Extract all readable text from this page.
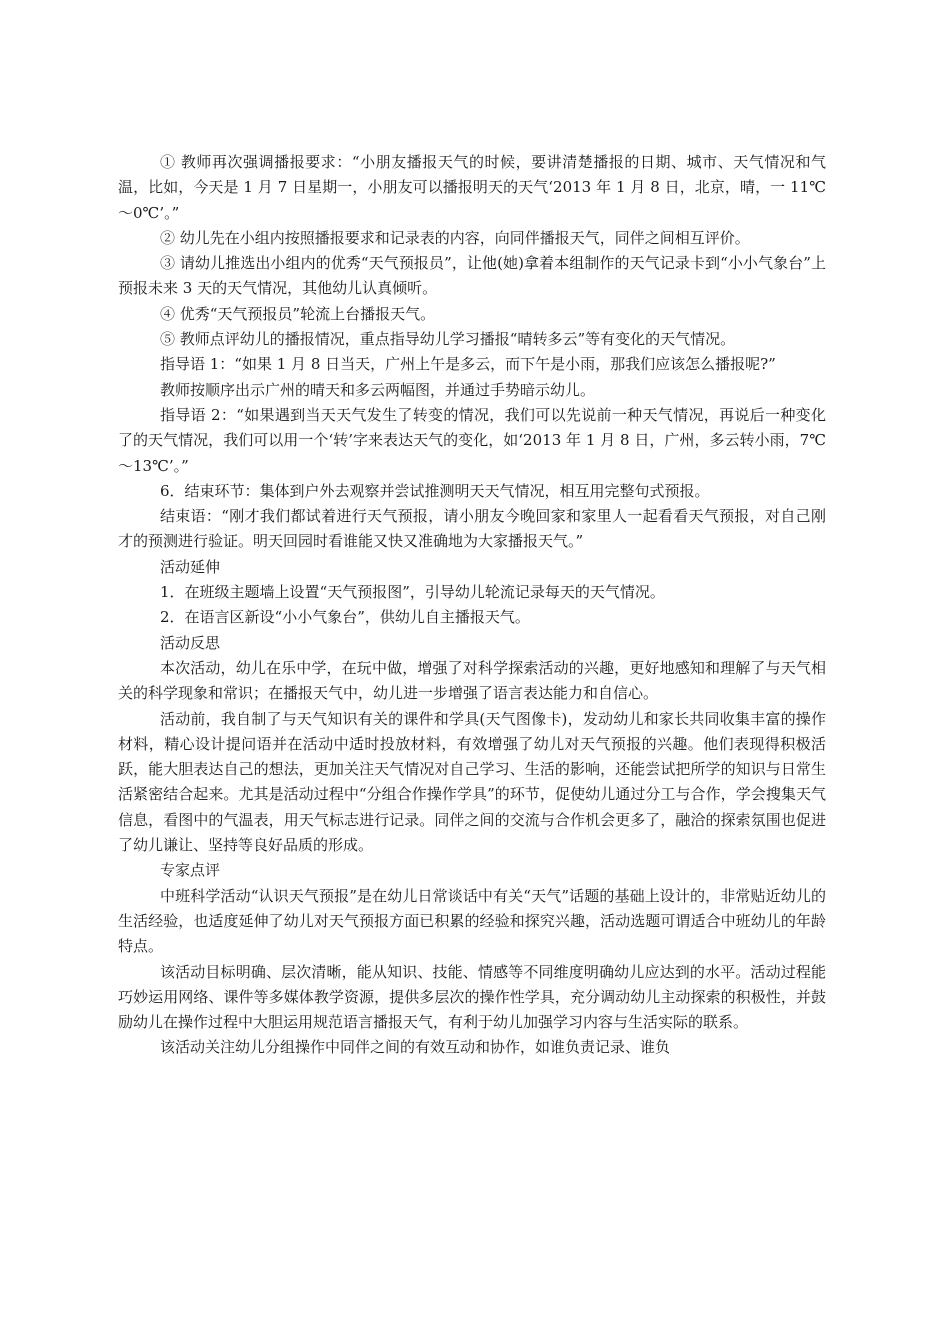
① 教师再次强调播报要求：“小朋友播报天气的时候，要讲清楚播报的日期、城市、天气情况和气温，比如，今天是 1 月 7 日星期一，小朋友可以播报明天的天气‘2013 年 1 月 8 日，北京，晴，一 11℃～0℃’。”

② 幼儿先在小组内按照播报要求和记录表的内容，向同伴播报天气，同伴之间相互评价。

③ 请幼儿推选出小组内的优秀“天气预报员”，让他(她)拿着本组制作的天气记录卡到“小小气象台”上预报未来 3 天的天气情况，其他幼儿认真倾听。

④ 优秀“天气预报员”轮流上台播报天气。

⑤ 教师点评幼儿的播报情况，重点指导幼儿学习播报“晴转多云”等有变化的天气情况。

指导语 1：“如果 1 月 8 日当天，广州上午是多云，而下午是小雨，那我们应该怎么播报呢?”

教师按顺序出示广州的晴天和多云两幅图，并通过手势暗示幼儿。

指导语 2：“如果遇到当天天气发生了转变的情况，我们可以先说前一种天气情况，再说后一种变化了的天气情况，我们可以用一个‘转’字来表达天气的变化，如‘2013 年 1 月 8 日，广州，多云转小雨，7℃～13℃’。”

6．结束环节：集体到户外去观察并尝试推测明天天气情况，相互用完整句式预报。

结束语：“刚才我们都试着进行天气预报，请小朋友今晚回家和家里人一起看看天气预报，对自己刚才的预测进行验证。明天回园时看谁能又快又准确地为大家播报天气。”

活动延伸

1．在班级主题墙上设置“天气预报图”，引导幼儿轮流记录每天的天气情况。

2．在语言区新设“小小气象台”，供幼儿自主播报天气。

活动反思

本次活动，幼儿在乐中学，在玩中做，增强了对科学探索活动的兴趣，更好地感知和理解了与天气相关的科学现象和常识；在播报天气中，幼儿进一步增强了语言表达能力和自信心。

活动前，我自制了与天气知识有关的课件和学具(天气图像卡)，发动幼儿和家长共同收集丰富的操作材料，精心设计提问语并在活动中适时投放材料，有效增强了幼儿对天气预报的兴趣。他们表现得积极活跃，能大胆表达自己的想法，更加关注天气情况对自己学习、生活的影响，还能尝试把所学的知识与日常生活紧密结合起来。尤其是活动过程中“分组合作操作学具”的环节，促使幼儿通过分工与合作，学会搜集天气信息，看图中的气温表，用天气标志进行记录。同伴之间的交流与合作机会更多了，融洽的探索氛围也促进了幼儿谦让、坚持等良好品质的形成。

专家点评

中班科学活动“认识天气预报”是在幼儿日常谈话中有关“天气”话题的基础上设计的，非常贴近幼儿的生活经验，也适度延伸了幼儿对天气预报方面已积累的经验和探究兴趣，活动选题可谓适合中班幼儿的年龄特点。

该活动目标明确、层次清晰，能从知识、技能、情感等不同维度明确幼儿应达到的水平。活动过程能巧妙运用网络、课件等多媒体教学资源，提供多层次的操作性学具，充分调动幼儿主动探索的积极性，并鼓励幼儿在操作过程中大胆运用规范语言播报天气，有利于幼儿加强学习内容与生活实际的联系。

该活动关注幼儿分组操作中同伴之间的有效互动和协作，如谁负责记录、谁负
